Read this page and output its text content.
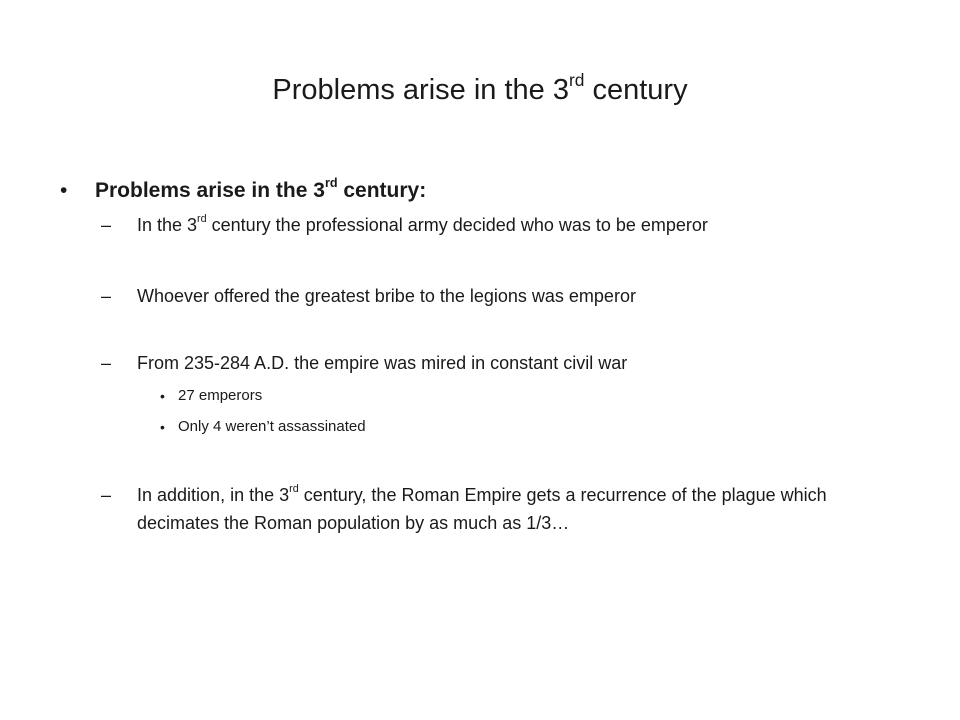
Problems arise in the 3rd century
• Problems arise in the 3rd century:
– In the 3rd century the professional army decided who was to be emperor
– Whoever offered the greatest bribe to the legions was emperor
– From 235-284 A.D. the empire was mired in constant civil war
• 27 emperors
• Only 4 weren’t assassinated
– In addition, in the 3rd century, the Roman Empire gets a recurrence of the plague which decimates the Roman population by as much as 1/3…
